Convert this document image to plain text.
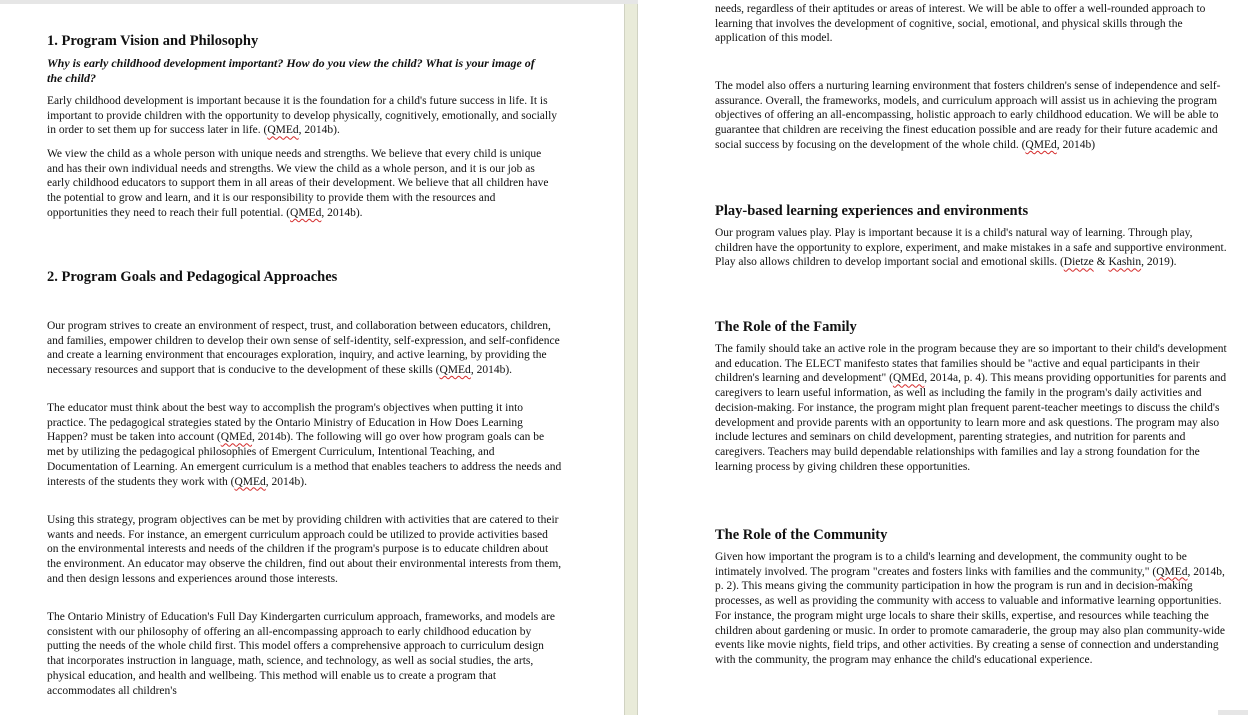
1. Program Vision and Philosophy
Why is early childhood development important? How do you view the child? What is your image of the child?
Early childhood development is important because it is the foundation for a child's future success in life. It is important to provide children with the opportunity to develop physically, cognitively, emotionally, and socially in order to set them up for success later in life. (QMEd, 2014b).
We view the child as a whole person with unique needs and strengths. We believe that every child is unique and has their own individual needs and strengths. We view the child as a whole person, and it is our job as early childhood educators to support them in all areas of their development. We believe that all children have the potential to grow and learn, and it is our responsibility to provide them with the resources and opportunities they need to reach their full potential. (QMEd, 2014b).
2. Program Goals and Pedagogical Approaches
Our program strives to create an environment of respect, trust, and collaboration between educators, children, and families, empower children to develop their own sense of self-identity, self-expression, and self-confidence and create a learning environment that encourages exploration, inquiry, and active learning, by providing the necessary resources and support that is conducive to the development of these skills (QMEd, 2014b).
The educator must think about the best way to accomplish the program's objectives when putting it into practice. The pedagogical strategies stated by the Ontario Ministry of Education in How Does Learning Happen? must be taken into account (QMEd, 2014b). The following will go over how program goals can be met by utilizing the pedagogical philosophies of Emergent Curriculum, Intentional Teaching, and Documentation of Learning. An emergent curriculum is a method that enables teachers to address the needs and interests of the students they work with (QMEd, 2014b).
Using this strategy, program objectives can be met by providing children with activities that are catered to their wants and needs. For instance, an emergent curriculum approach could be utilized to provide activities based on the environmental interests and needs of the children if the program's purpose is to educate children about the environment. An educator may observe the children, find out about their environmental interests from them, and then design lessons and experiences around those interests.
The Ontario Ministry of Education's Full Day Kindergarten curriculum approach, frameworks, and models are consistent with our philosophy of offering an all-encompassing approach to early childhood education by putting the needs of the whole child first. This model offers a comprehensive approach to curriculum design that incorporates instruction in language, math, science, and technology, as well as social studies, the arts, physical education, and health and wellbeing. This method will enable us to create a program that accommodates all children's
needs, regardless of their aptitudes or areas of interest. We will be able to offer a well-rounded approach to learning that involves the development of cognitive, social, emotional, and physical skills through the application of this model.
The model also offers a nurturing learning environment that fosters children's sense of independence and self-assurance. Overall, the frameworks, models, and curriculum approach will assist us in achieving the program objectives of offering an all-encompassing, holistic approach to early childhood education. We will be able to guarantee that children are receiving the finest education possible and are ready for their future academic and social success by focusing on the development of the whole child. (QMEd, 2014b)
Play-based learning experiences and environments
Our program values play. Play is important because it is a child's natural way of learning. Through play, children have the opportunity to explore, experiment, and make mistakes in a safe and supportive environment. Play also allows children to develop important social and emotional skills. (Dietze & Kashin, 2019).
The Role of the Family
The family should take an active role in the program because they are so important to their child's development and education. The ELECT manifesto states that families should be "active and equal participants in their children's learning and development" (QMEd, 2014a, p. 4). This means providing opportunities for parents and caregivers to learn useful information, as well as including the family in the program's daily activities and decision-making. For instance, the program might plan frequent parent-teacher meetings to discuss the child's development and provide parents with an opportunity to learn more and ask questions. The program may also include lectures and seminars on child development, parenting strategies, and nutrition for parents and caregivers. Teachers may build dependable relationships with families and lay a strong foundation for the learning process by giving children these opportunities.
The Role of the Community
Given how important the program is to a child's learning and development, the community ought to be intimately involved. The program "creates and fosters links with families and the community," (QMEd, 2014b, p. 2). This means giving the community participation in how the program is run and in decision-making processes, as well as providing the community with access to valuable and informative learning opportunities. For instance, the program might urge locals to share their skills, expertise, and resources while teaching the children about gardening or music. In order to promote camaraderie, the group may also plan community-wide events like movie nights, field trips, and other activities. By creating a sense of connection and understanding with the community, the program may enhance the child's educational experience.
